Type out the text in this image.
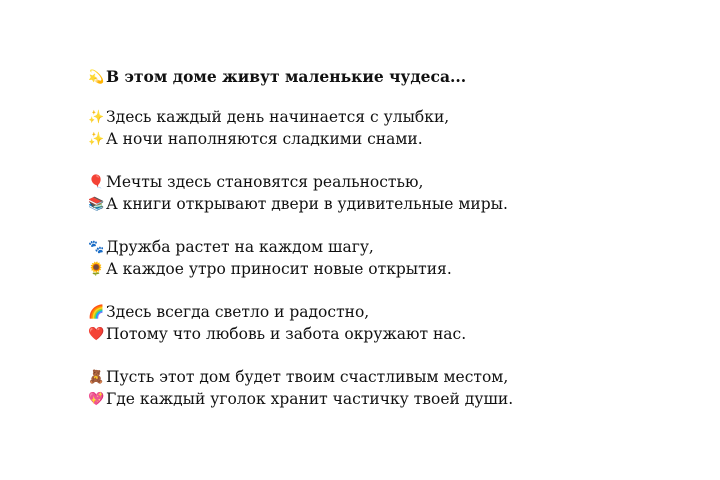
💫 В этом доме живут маленькие чудеса...
✨ Здесь каждый день начинается с улыбки,
✨ А ночи наполняются сладкими снами.
🎈 Мечты здесь становятся реальностью,
📚 А книги открывают двери в удивительные миры.
🐾 Дружба растет на каждом шагу,
🌻 А каждое утро приносит новые открытия.
🌈 Здесь всегда светло и радостно,
❤️ Потому что любовь и забота окружают нас.
🧸 Пусть этот дом будет твоим счастливым местом,
💖 Где каждый уголок хранит частичку твоей души.
